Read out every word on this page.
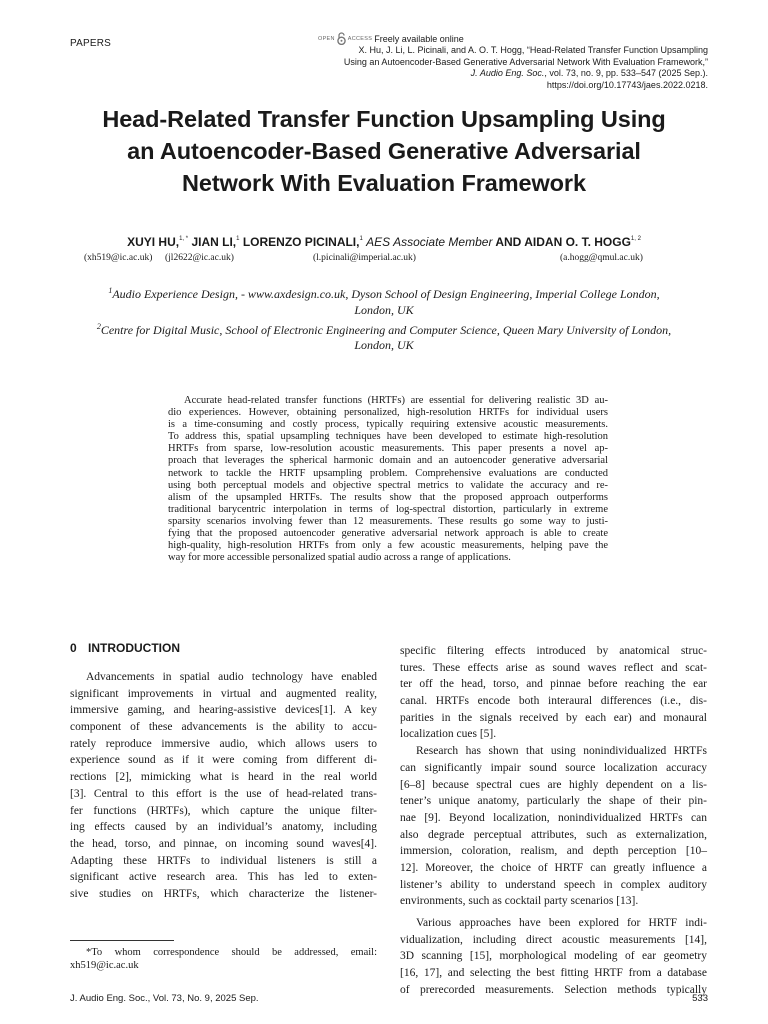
PAPERS	OPEN ACCESS Freely available online
X. Hu, J. Li, L. Picinali, and A. O. T. Hogg, “Head-Related Transfer Function Upsampling
Using an Autoencoder-Based Generative Adversarial Network With Evaluation Framework,”
J. Audio Eng. Soc., vol. 73, no. 9, pp. 533–547 (2025 Sep.).
https://doi.org/10.17743/jaes.2022.0218.
Head-Related Transfer Function Upsampling Using
an Autoencoder-Based Generative Adversarial
Network With Evaluation Framework
XUYI HU,$^{1, *}$ JIAN LI,$^1$ LORENZO PICINALI,$^1$ AES Associate Member AND AIDAN O. T. HOGG$^{1, 2}$
(xh519@ic.ac.uk) (jl2622@ic.ac.uk)	(l.picinali@imperial.ac.uk)	(a.hogg@qmul.ac.uk)
$^1$Audio Experience Design, - www.axdesign.co.uk, Dyson School of Design Engineering, Imperial College London,
London, UK
$^2$Centre for Digital Music, School of Electronic Engineering and Computer Science, Queen Mary University of London,
London, UK
Accurate head-related transfer functions (HRTFs) are essential for delivering realistic 3D au-
dio experiences. However, obtaining personalized, high-resolution HRTFs for individual users
is a time-consuming and costly process, typically requiring extensive acoustic measurements.
To address this, spatial upsampling techniques have been developed to estimate high-resolution
HRTFs from sparse, low-resolution acoustic measurements. This paper presents a novel ap-
proach that leverages the spherical harmonic domain and an autoencoder generative adversarial
network to tackle the HRTF upsampling problem. Comprehensive evaluations are conducted
using both perceptual models and objective spectral metrics to validate the accuracy and re-
alism of the upsampled HRTFs. The results show that the proposed approach outperforms
traditional barycentric interpolation in terms of log-spectral distortion, particularly in extreme
sparsity scenarios involving fewer than 12 measurements. These results go some way to justi-
fying that the proposed autoencoder generative adversarial network approach is able to create
high-quality, high-resolution HRTFs from only a few acoustic measurements, helping pave the
way for more accessible personalized spatial audio across a range of applications.
0 INTRODUCTION
Advancements in spatial audio technology have enabled
significant improvements in virtual and augmented reality,
immersive gaming, and hearing-assistive devices[1]. A key
component of these advancements is the ability to accu-
rately reproduce immersive audio, which allows users to
experience sound as if it were coming from different di-
rections [2], mimicking what is heard in the real world
[3]. Central to this effort is the use of head-related trans-
fer functions (HRTFs), which capture the unique filter-
ing effects caused by an individual’s anatomy, including
the head, torso, and pinnae, on incoming sound waves[4].
Adapting these HRTFs to individual listeners is still a
significant active research area. This has led to exten-
sive studies on HRTFs, which characterize the listener-
specific filtering effects introduced by anatomical struc-
tures. These effects arise as sound waves reflect and scat-
ter off the head, torso, and pinnae before reaching the ear
canal. HRTFs encode both interaural differences (i.e., dis-
parities in the signals received by each ear) and monaural
localization cues [5].
Research has shown that using nonindividualized HRTFs
can significantly impair sound source localization accuracy
[6–8] because spectral cues are highly dependent on a lis-
tener’s unique anatomy, particularly the shape of their pin-
nae [9]. Beyond localization, nonindividualized HRTFs can
also degrade perceptual attributes, such as externalization,
immersion, coloration, realism, and depth perception [10–
12]. Moreover, the choice of HRTF can greatly influence a
listener’s ability to understand speech in complex auditory
environments, such as cocktail party scenarios [13].
Various approaches have been explored for HRTF indi-
vidualization, including direct acoustic measurements [14],
3D scanning [15], morphological modeling of ear geometry
[16, 17], and selecting the best fitting HRTF from a database
of prerecorded measurements. Selection methods typically
*To whom correspondence should be addressed, email:
xh519@ic.ac.uk
J. Audio Eng. Soc., Vol. 73, No. 9, 2025 Sep.	533
